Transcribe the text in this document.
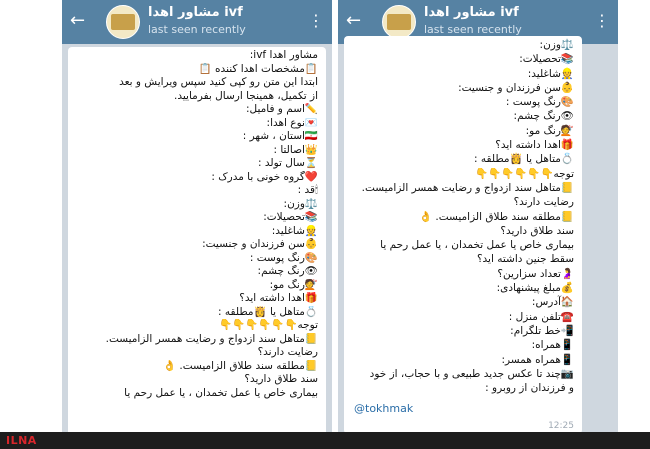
←	مشاور اهدا ivf
last seen recently	⋮
مشاور اهدا ivf:
📋مشخصات اهدا کننده 📋
ابتدا این متن رو کپی کنید سپس ویرایش و بعد
از تکمیل، همینجا ارسال بفرمایید.
✏️اسم و فامیل:
💌نوع اهدا:
🇮🇷استان ، شهر :
👑اصالتا :
⏳سال تولد :
❤️گروه خونی با مدرک :
🕯قد :
⚖️وزن:
📚تحصیلات:
👷شاغلید:
👶سن فرزندان و جنسیت:
🎨رنگ پوست :
👁رنگ چشم:
💇رنگ مو:
🎁اهدا داشته اید؟
💍متاهل یا 👸مطلقه :
توجه👇👇👇👇👇👇
📒متاهل سند ازدواج و رضایت همسر الزامیست.
رضایت دارند؟
📒مطلقه سند طلاق الزامیست. 👌
سند طلاق دارید؟
بیماری خاص یا عمل تخمدان ، یا عمل رحم یا
←	مشاور اهدا ivf
last seen recently	⋮
⚖️وزن:
📚تحصیلات:
👷شاغلید:
👶سن فرزندان و جنسیت:
🎨رنگ پوست :
👁رنگ چشم:
💇رنگ مو:
🎁اهدا داشته اید؟
💍متاهل یا 👸مطلقه :
توجه👇👇👇👇👇👇
📒متاهل سند ازدواج و رضایت همسر الزامیست.
رضایت دارند؟
📒مطلقه سند طلاق الزامیست. 👌
سند طلاق دارید؟
بیماری خاص یا عمل تخمدان ، یا عمل رحم یا
سقط جنین داشته اید؟
🤰تعداد سزارین؟
💰مبلغ پیشنهادی:
🏠آدرس:
☎️تلفن منزل :
📲خط تلگرام:
📱همراه:
📱همراه همسر:
📷چند تا عکس جدید طبیعی و با حجاب، از خود
و فرزندان از روبرو :
@tokhmak
12:25
ILNA
